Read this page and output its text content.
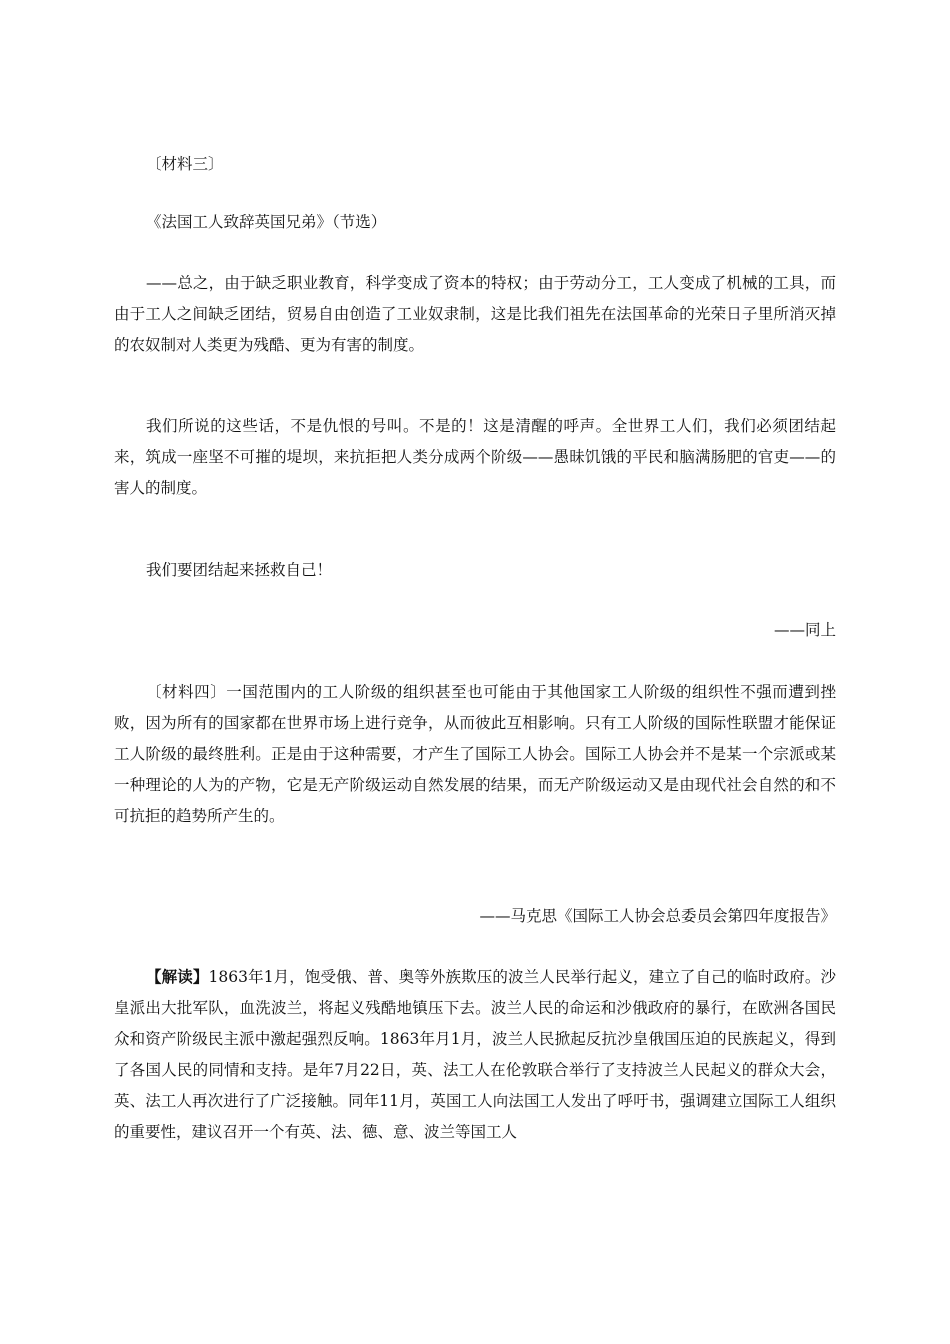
〔材料三〕

《法国工人致辞英国兄弟》（节选）

——总之，由于缺乏职业教育，科学变成了资本的特权；由于劳动分工，工人变成了机械的工具，而由于工人之间缺乏团结，贸易自由创造了工业奴隶制，这是比我们祖先在法国革命的光荣日子里所消灭掉的农奴制对人类更为残酷、更为有害的制度。

我们所说的这些话，不是仇恨的号叫。不是的！这是清醒的呼声。全世界工人们，我们必须团结起来，筑成一座坚不可摧的堤坝，来抗拒把人类分成两个阶级——愚昧饥饿的平民和脑满肠肥的官吏——的害人的制度。

我们要团结起来拯救自己！

——同上

〔材料四〕一国范围内的工人阶级的组织甚至也可能由于其他国家工人阶级的组织性不强而遭到挫败，因为所有的国家都在世界市场上进行竞争，从而彼此互相影响。只有工人阶级的国际性联盟才能保证工人阶级的最终胜利。正是由于这种需要，才产生了国际工人协会。国际工人协会并不是某一个宗派或某一种理论的人为的产物，它是无产阶级运动自然发展的结果，而无产阶级运动又是由现代社会自然的和不可抗拒的趋势所产生的。

——马克思《国际工人协会总委员会第四年度报告》

【解读】1863年1月，饱受俄、普、奥等外族欺压的波兰人民举行起义，建立了自己的临时政府。沙皇派出大批军队，血洗波兰，将起义残酷地镇压下去。波兰人民的命运和沙俄政府的暴行，在欧洲各国民众和资产阶级民主派中激起强烈反响。1863年月1月，波兰人民掀起反抗沙皇俄国压迫的民族起义，得到了各国人民的同情和支持。是年7月22日，英、法工人在伦敦联合举行了支持波兰人民起义的群众大会，英、法工人再次进行了广泛接触。同年11月，英国工人向法国工人发出了呼吁书，强调建立国际工人组织的重要性，建议召开一个有英、法、德、意、波兰等国工人
